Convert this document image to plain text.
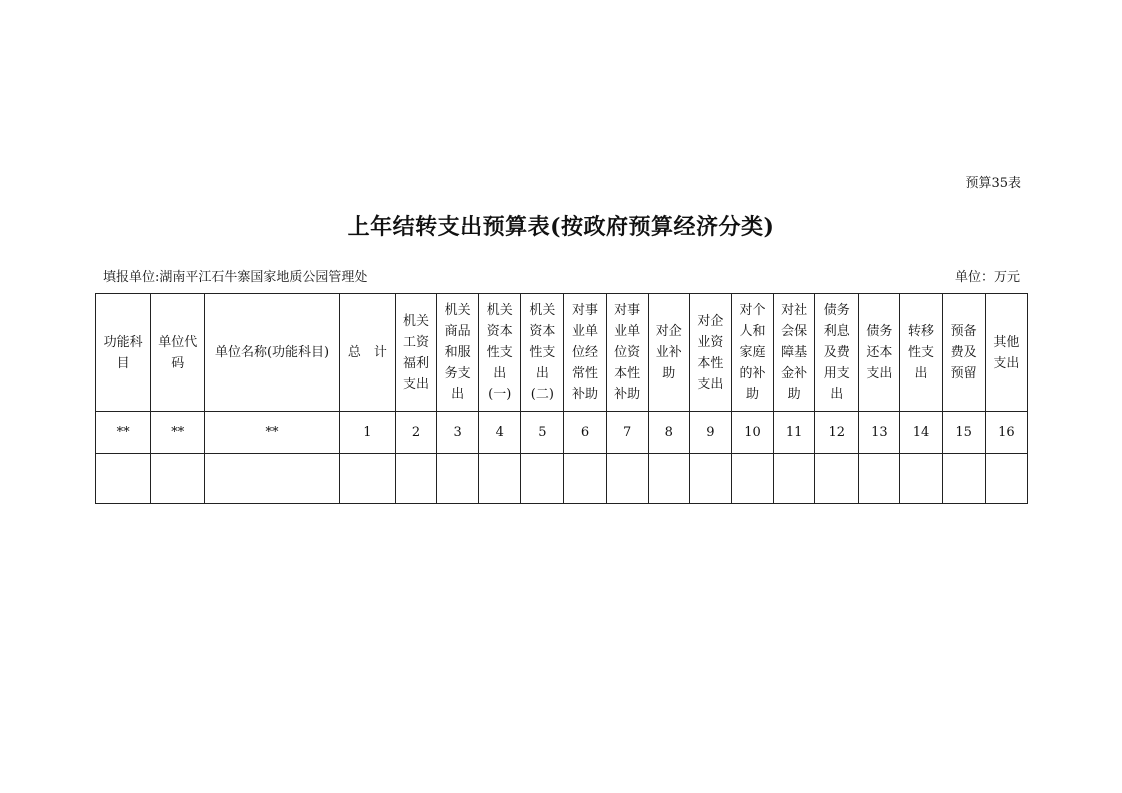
预算35表
上年结转支出预算表(按政府预算经济分类)
填报单位:湖南平江石牛寨国家地质公园管理处	单位：万元
功能科
目	单位代
码	单位名称(功能科目)	总　计	机关
工资
福利
支出	机关
商品
和服
务支
出	机关
资本
性支
出
(一)	机关
资本
性支
出
(二)	对事
业单
位经
常性
补助	对事
业单
位资
本性
补助	对企
业补
助	对企
业资
本性
支出	对个
人和
家庭
的补
助	对社
会保
障基
金补
助	债务
利息
及费
用支
出	债务
还本
支出	转移
性支
出	预备
费及
预留	其他
支出
**	**	**	1	2	3	4	5	6	7	8	9	10	11	12	13	14	15	16
